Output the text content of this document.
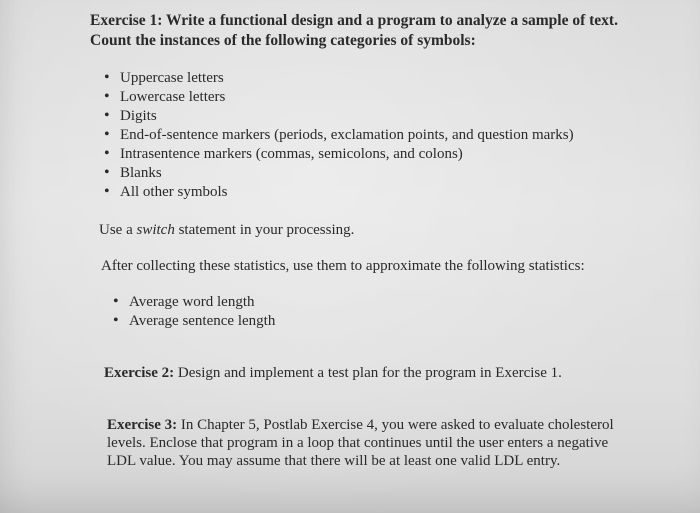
Exercise 1: Write a functional design and a program to analyze a sample of text.
Count the instances of the following categories of symbols:
• Uppercase letters
• Lowercase letters
• Digits
• End-of-sentence markers (periods, exclamation points, and question marks)
• Intrasentence markers (commas, semicolons, and colons)
• Blanks
• All other symbols
Use a switch statement in your processing.
After collecting these statistics, use them to approximate the following statistics:
• Average word length
• Average sentence length
Exercise 2: Design and implement a test plan for the program in Exercise 1.
Exercise 3: In Chapter 5, Postlab Exercise 4, you were asked to evaluate cholesterol
levels. Enclose that program in a loop that continues until the user enters a negative
LDL value. You may assume that there will be at least one valid LDL entry.
